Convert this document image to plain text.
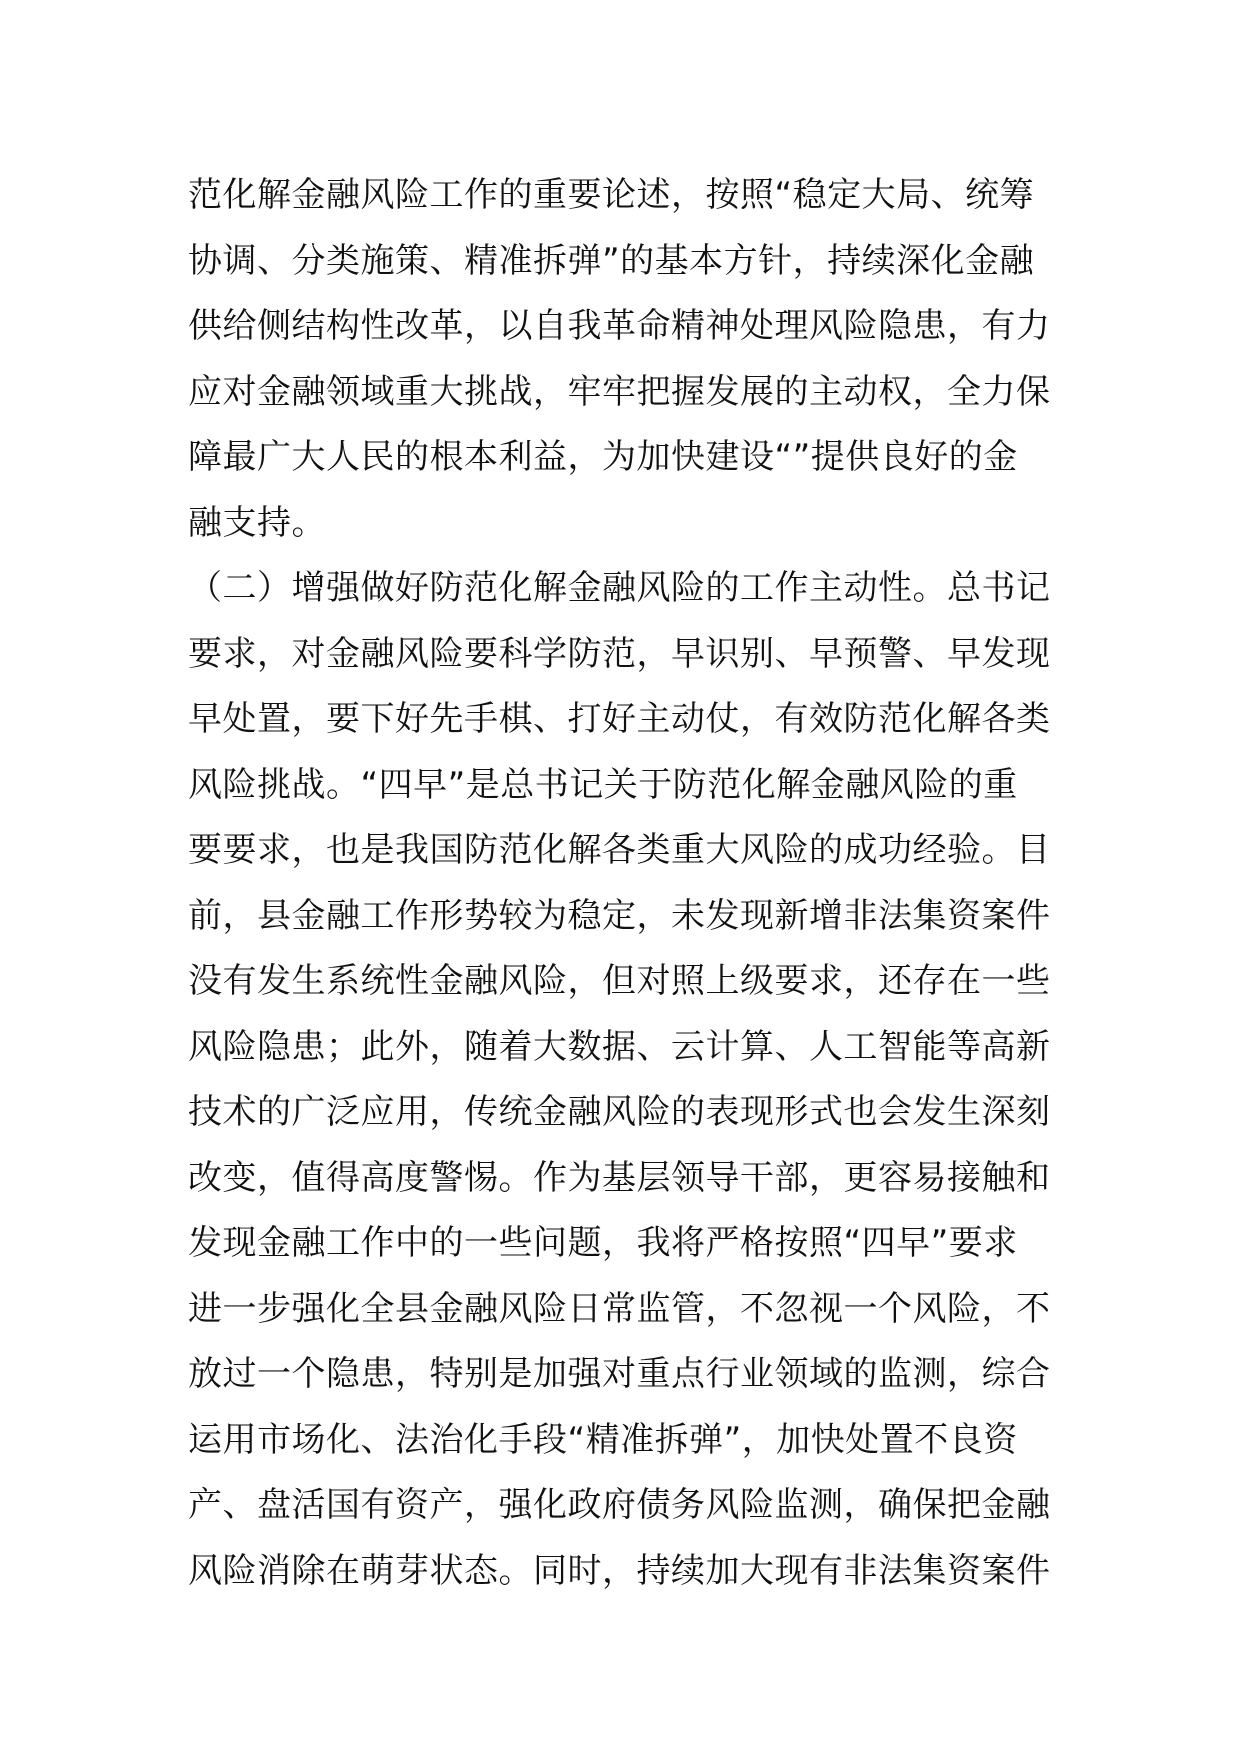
范化解金融风险工作的重要论述，按照“稳定大局、统筹
协调、分类施策、精准拆弹”的基本方针，持续深化金融
供给侧结构性改革，以自我革命精神处理风险隐患，有力
应对金融领域重大挑战，牢牢把握发展的主动权，全力保
障最广大人民的根本利益，为加快建设“”提供良好的金
融支持。
（二）增强做好防范化解金融风险的工作主动性。总书记
要求，对金融风险要科学防范，早识别、早预警、早发现
早处置，要下好先手棋、打好主动仗，有效防范化解各类
风险挑战。“四早”是总书记关于防范化解金融风险的重
要要求，也是我国防范化解各类重大风险的成功经验。目
前，县金融工作形势较为稳定，未发现新增非法集资案件
没有发生系统性金融风险，但对照上级要求，还存在一些
风险隐患；此外，随着大数据、云计算、人工智能等高新
技术的广泛应用，传统金融风险的表现形式也会发生深刻
改变，值得高度警惕。作为基层领导干部，更容易接触和
发现金融工作中的一些问题，我将严格按照“四早”要求
进一步强化全县金融风险日常监管，不忽视一个风险，不
放过一个隐患，特别是加强对重点行业领域的监测，综合
运用市场化、法治化手段“精准拆弹”，加快处置不良资
产、盘活国有资产，强化政府债务风险监测，确保把金融
风险消除在萌芽状态。同时，持续加大现有非法集资案件
